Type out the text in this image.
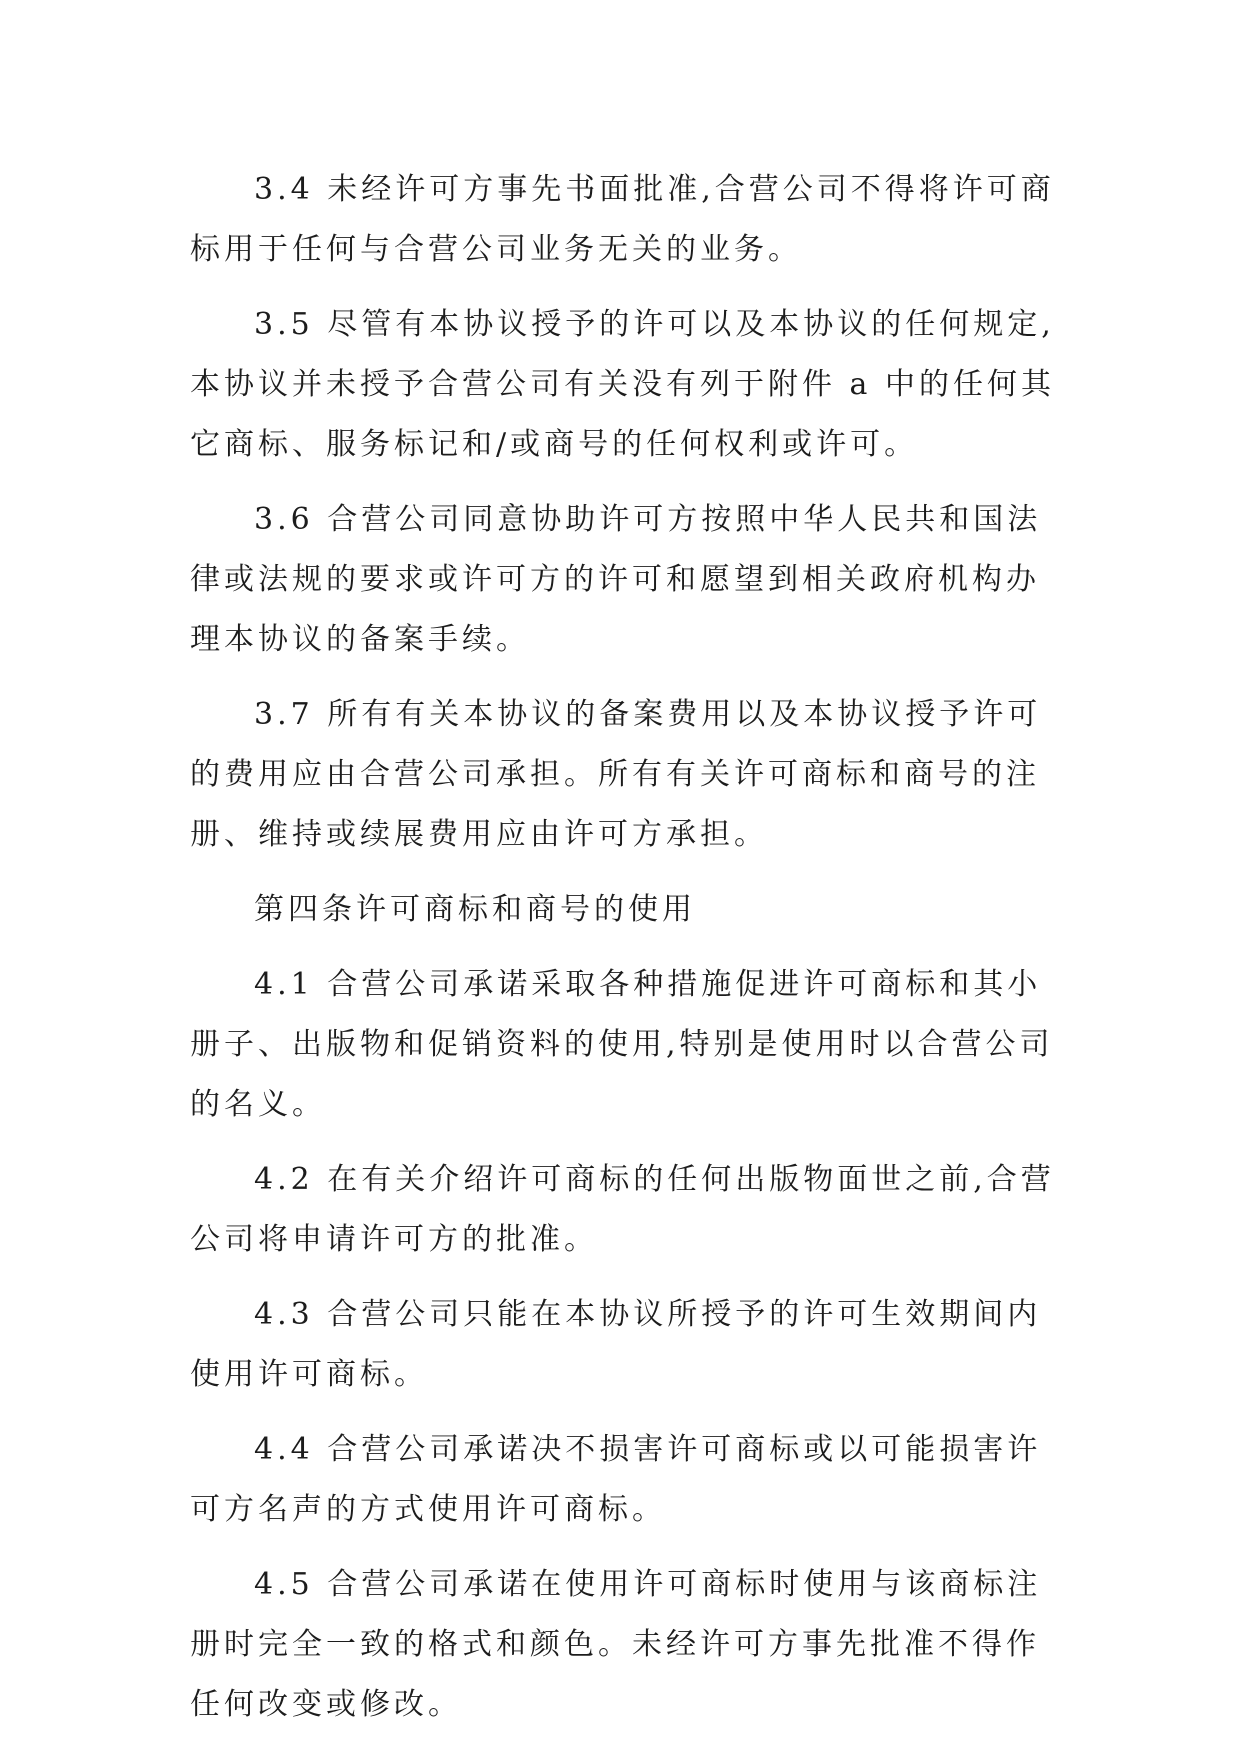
3.4 未经许可方事先书面批准,合营公司不得将许可商标用于任何与合营公司业务无关的业务。

3.5 尽管有本协议授予的许可以及本协议的任何规定,本协议并未授予合营公司有关没有列于附件 a 中的任何其它商标、服务标记和/或商号的任何权利或许可。

3.6 合营公司同意协助许可方按照中华人民共和国法律或法规的要求或许可方的许可和愿望到相关政府机构办理本协议的备案手续。

3.7 所有有关本协议的备案费用以及本协议授予许可的费用应由合营公司承担。所有有关许可商标和商号的注册、维持或续展费用应由许可方承担。

第四条许可商标和商号的使用

4.1 合营公司承诺采取各种措施促进许可商标和其小册子、出版物和促销资料的使用,特别是使用时以合营公司的名义。

4.2 在有关介绍许可商标的任何出版物面世之前,合营公司将申请许可方的批准。

4.3 合营公司只能在本协议所授予的许可生效期间内使用许可商标。

4.4 合营公司承诺决不损害许可商标或以可能损害许可方名声的方式使用许可商标。

4.5 合营公司承诺在使用许可商标时使用与该商标注册时完全一致的格式和颜色。未经许可方事先批准不得作任何改变或修改。
